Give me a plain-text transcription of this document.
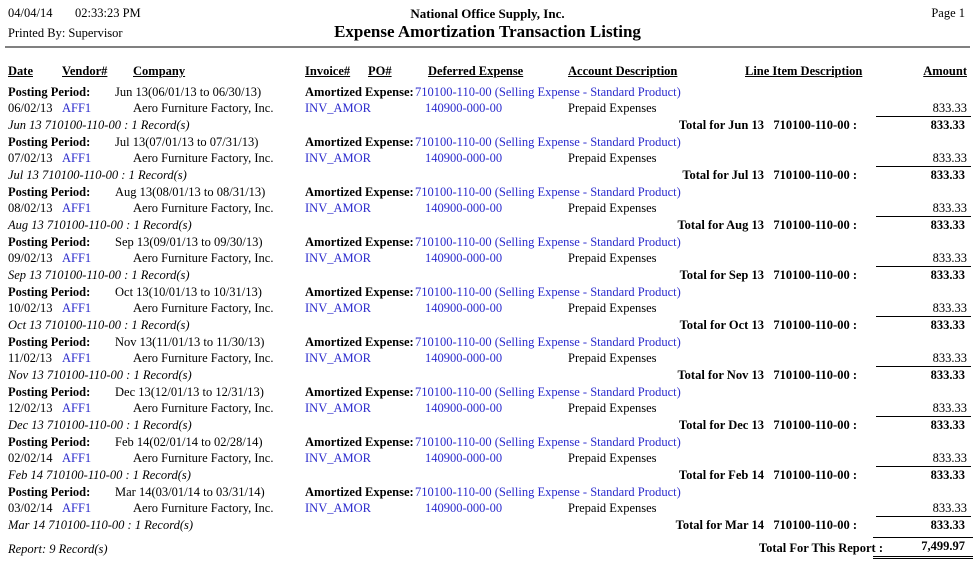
04/04/14 02:33:23 PM	National Office Supply, Inc.	Page 1
Printed By: Supervisor	Expense Amortization Transaction Listing
Date Vendor# Company	Invoice# PO#	Deferred Expense	Account Description	Line Item Description	Amount
Posting Period: Jun 13(06/01/13 to 06/30/13)	Amortized Expense: 710100-110-00 (Selling Expense - Standard Product)
06/02/13 AFF1	Aero Furniture Factory, Inc.	INV_AMOR	140900-000-00	Prepaid Expenses	833.33
Jun 13 710100-110-00 : 1 Record(s)	Total for Jun 13   710100-110-00 :	833.33
Posting Period: Jul 13(07/01/13 to 07/31/13)	Amortized Expense: 710100-110-00 (Selling Expense - Standard Product)
07/02/13 AFF1	Aero Furniture Factory, Inc.	INV_AMOR	140900-000-00	Prepaid Expenses	833.33
Jul 13 710100-110-00 : 1 Record(s)	Total for Jul 13   710100-110-00 :	833.33
Posting Period: Aug 13(08/01/13 to 08/31/13)	Amortized Expense: 710100-110-00 (Selling Expense - Standard Product)
08/02/13 AFF1	Aero Furniture Factory, Inc.	INV_AMOR	140900-000-00	Prepaid Expenses	833.33
Aug 13 710100-110-00 : 1 Record(s)	Total for Aug 13   710100-110-00 :	833.33
Posting Period: Sep 13(09/01/13 to 09/30/13)	Amortized Expense: 710100-110-00 (Selling Expense - Standard Product)
09/02/13 AFF1	Aero Furniture Factory, Inc.	INV_AMOR	140900-000-00	Prepaid Expenses	833.33
Sep 13 710100-110-00 : 1 Record(s)	Total for Sep 13   710100-110-00 :	833.33
Posting Period: Oct 13(10/01/13 to 10/31/13)	Amortized Expense: 710100-110-00 (Selling Expense - Standard Product)
10/02/13 AFF1	Aero Furniture Factory, Inc.	INV_AMOR	140900-000-00	Prepaid Expenses	833.33
Oct 13 710100-110-00 : 1 Record(s)	Total for Oct 13   710100-110-00 :	833.33
Posting Period: Nov 13(11/01/13 to 11/30/13)	Amortized Expense: 710100-110-00 (Selling Expense - Standard Product)
11/02/13 AFF1	Aero Furniture Factory, Inc.	INV_AMOR	140900-000-00	Prepaid Expenses	833.33
Nov 13 710100-110-00 : 1 Record(s)	Total for Nov 13   710100-110-00 :	833.33
Posting Period: Dec 13(12/01/13 to 12/31/13)	Amortized Expense: 710100-110-00 (Selling Expense - Standard Product)
12/02/13 AFF1	Aero Furniture Factory, Inc.	INV_AMOR	140900-000-00	Prepaid Expenses	833.33
Dec 13 710100-110-00 : 1 Record(s)	Total for Dec 13   710100-110-00 :	833.33
Posting Period: Feb 14(02/01/14 to 02/28/14)	Amortized Expense: 710100-110-00 (Selling Expense - Standard Product)
02/02/14 AFF1	Aero Furniture Factory, Inc.	INV_AMOR	140900-000-00	Prepaid Expenses	833.33
Feb 14 710100-110-00 : 1 Record(s)	Total for Feb 14   710100-110-00 :	833.33
Posting Period: Mar 14(03/01/14 to 03/31/14)	Amortized Expense: 710100-110-00 (Selling Expense - Standard Product)
03/02/14 AFF1	Aero Furniture Factory, Inc.	INV_AMOR	140900-000-00	Prepaid Expenses	833.33
Mar 14 710100-110-00 : 1 Record(s)	Total for Mar 14   710100-110-00 :	833.33
Report: 9 Record(s)	Total For This Report :	7,499.97
